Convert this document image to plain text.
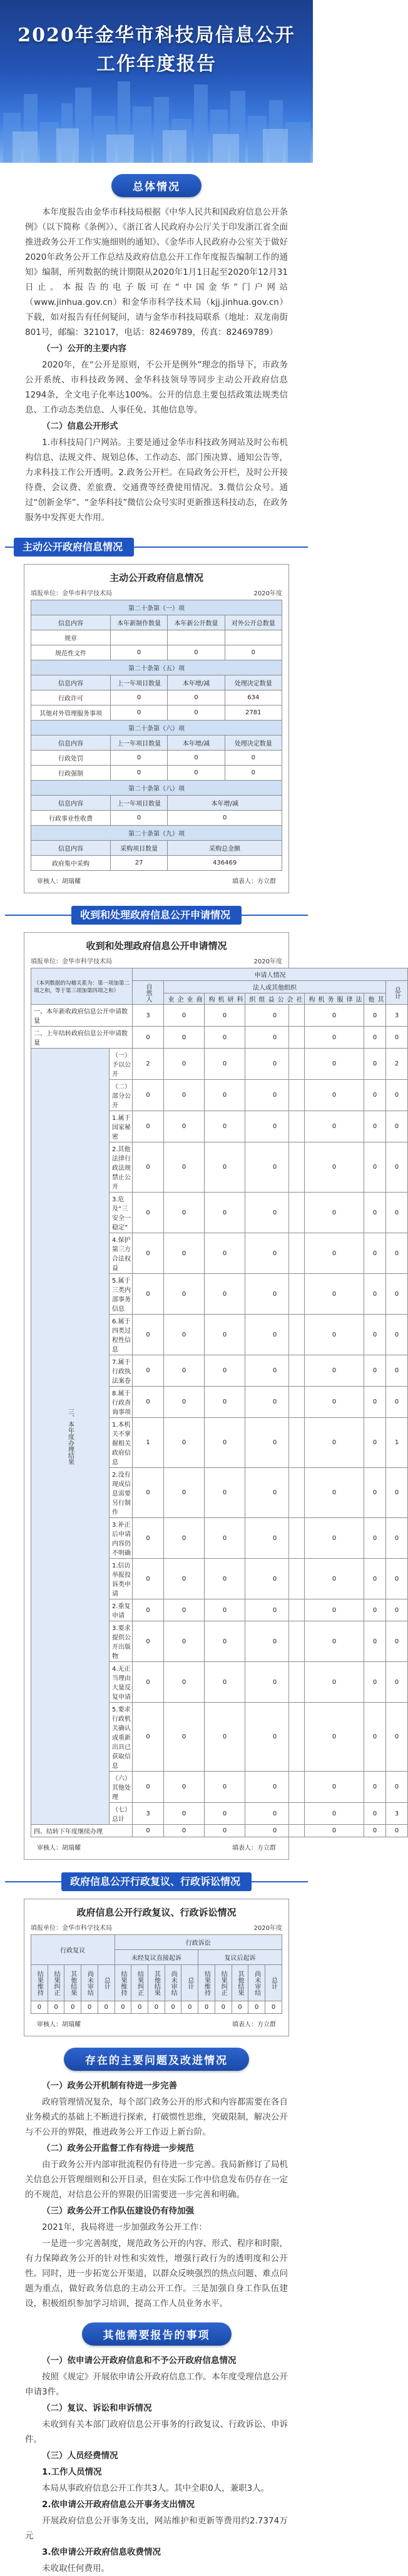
2020年金华市科技局信息公开
工作年度报告
总体情况

本年度报告由金华市科技局根据《中华人民共和国政府信息公开条例》（以下简称《条例》）、《浙江省人民政府办公厅关于印发浙江省全面推进政务公开工作实施细则的通知》、《金华市人民政府办公室关于做好2020年政务公开工作总结及政府信息公开工作年度报告编制工作的通知》编制，所列数据的统计期限从2020年1月1日起至2020年12月31日止。本报告的电子版可在“中国金华”门户网站（www.jinhua.gov.cn）和金华市科学技术局（kjj.jinhua.gov.cn）下载，如对报告有任何疑问，请与金华市科技局联系（地址：双龙南街801号，邮编：321017，电话：82469789，传真：82469789）

（一）公开的主要内容

2020年，在“公开是原则，不公开是例外”理念的指导下，市政务公开系统、市科技政务网、金华科技领导等同步主动公开政府信息1294条，全文电子化率达100%。公开的信息主要包括政策法规类信息、工作动态类信息、人事任免、其他信息等。

（二）信息公开形式

1.市科技局门户网站。主要是通过金华市科技政务网站及时公布机构信息、法规文件、规划总体、工作动态、部门预决算、通知公告等，力求科技工作公开透明。2.政务公开栏。在局政务公开栏，及时公开接待费、会议费、差旅费、交通费等经费使用情况。3.微信公众号。通过“创新金华”、“金华科技”微信公众号实时更新推送科技动态，在政务服务中发挥更大作用。

主动公开政府信息情况
主动公开政府信息情况
填报单位：金华市科学技术局	2020年度
第二十条第（一）项			
信息内容	本年新制作数量	本年新公开数量	对外公开总数量
规章			
规范性文件	0	0	0
第二十条第（五）项			
信息内容	上一年项目数量	本年增/减	处理决定数量
行政许可	0	0	634
其他对外管理服务事项	0	0	2781
第二十条第（六）项			
信息内容	上一年项目数量	本年增/减	处理决定数量
行政处罚	0	0	0
行政强制	0	0	0
第二十条第（八）项			
信息内容	上一年项目数量	本年增/减	
行政事业性收费	0	0	
第二十条第（九）项			
信息内容	采购项目数量	采购总金额	
政府集中采购	27	436469	
审核人：胡瑞耀	填表人：方立群
收到和处理政府信息公开申请情况
收到和处理政府信息公开申请情况
填报单位：金华市科学技术局	2020年度
（本列数据的勾稽关系为：第一项加第二项之和，等于第三项加第四项之和）		申请人情况						
		自然人	法人或其他组织					总计
			商业企业	科研机构	社会公益组织	法律服务机构	其他	
一、本年新收政府信息公开申请数量		3	0	0	0	0	0	3
二、上年结转政府信息公开申请数量		0	0	0	0	0	0	0
三、本年度办理结果	（一）予以公开	2	0	0	0	0	0	2
	（二）部分公开	0	0	0	0	0	0	0
	1.属于国家秘密	0	0	0	0	0	0	0
	2.其他法律行政法规禁止公开	0	0	0	0	0	0	0
	3.危及“三安全一稳定”	0	0	0	0	0	0	0
	4.保护第三方合法权益	0	0	0	0	0	0	0
	5.属于三类内部事务信息	0	0	0	0	0	0	0
	6.属于四类过程性信息	0	0	0	0	0	0	0
	7.属于行政执法案卷	0	0	0	0	0	0	0
	8.属于行政查询事项	0	0	0	0	0	0	0
	1.本机关不掌握相关政府信息	1	0	0	0	0	0	1
	2.没有现成信息需要另行制作	0	0	0	0	0	0	0
	3.补正后申请内容仍不明确	0	0	0	0	0	0	0
	1.信访举报投诉类申请	0	0	0	0	0	0	0
	2.重复申请	0	0	0	0	0	0	0
	3.要求提供公开出版物	0	0	0	0	0	0	0
	4.无正当理由大量反复申请	0	0	0	0	0	0	0
	5.要求行政机关确认或重新出具已获取信息	0	0	0	0	0	0	0
	（六）其他处理	0	0	0	0	0	0	0
	（七）总计	3	0	0	0	0	0	3
四、结转下年度继续办理		0	0	0	0	0	0	0
审核人：胡瑞耀	填表人：方立群
政府信息公开行政复议、行政诉讼情况
政府信息公开行政复议、行政诉讼情况
填报单位：金华市科学技术局	2020年度
行政复议					行政诉讼									
					未经复议直接起诉					复议后起诉				
结果维持	结果纠正	其他结果	尚未审结	总计	结果维持	结果纠正	其他结果	尚未审结	总计	结果维持	结果纠正	其他结果	尚未审结	总计
0	0	0	0	0	0	0	0	0	0	0	0	0	0	0
审核人：胡瑞耀	填表人：方立群
存在的主要问题及改进情况

（一）政务公开机制有待进一步完善

政府管理情况复杂，每个部门政务公开的形式和内容都需要在各自业务模式的基础上不断进行探索，打破惯性思维，突破限制，解决公开与不公开的界限，推进政务公开工作迈上新台阶。

（二）政务公开监督工作有待进一步规范

由于政务公开内部审批流程仍有待进一步完善。我局新修订了局机关信息公开管理细则和公开目录，但在实际工作中信息发布仍存在一定的不规范，对信息公开的界限仍旧需要进一步完善和明确。

（三）政务公开工作队伍建设仍有待加强

2021年，我局将进一步加强政务公开工作：

一是进一步完善制度，规范政务公开的内容、形式、程序和时限，有力保障政务公开的针对性和实效性，增强行政行为的透明度和公开性。同时，进一步拓宽公开渠道，以群众反映强烈的热点问题、难点问题为重点，做好政务信息的主动公开工作。三是加强自身工作队伍建设，积极组织参加学习培训，提高工作人员业务水平。

其他需要报告的事项

（一）依申请公开政府信息和不予公开政府信息情况

按照《规定》开展依申请公开政府信息工作。本年度受理信息公开申请3件。

（二）复议、诉讼和申诉情况

未收到有关本部门政府信息公开事务的行政复议、行政诉讼、申诉件。

（三）人员经费情况

1.工作人员情况

本局从事政府信息公开工作共3人。其中全职0人，兼职3人。

2.依申请公开政府信息公开事务支出情况

开展政府信息公开事务支出，网站维护和更新等费用约2.7374万元

3.依申请公开政府信息收费情况

未收取任何费用。
